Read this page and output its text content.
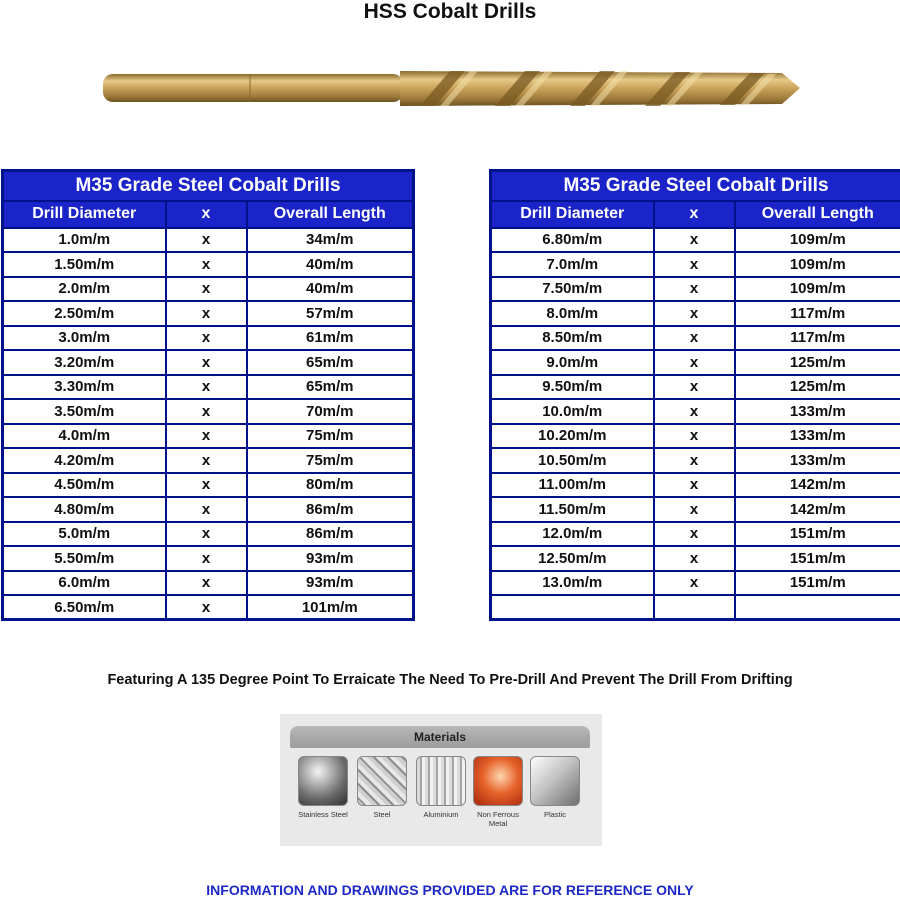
HSS Cobalt Drills
M35 Grade Steel Cobalt Drills		
Drill Diameter	x	Overall Length
1.0m/m	x	34m/m
1.50m/m	x	40m/m
2.0m/m	x	40m/m
2.50m/m	x	57m/m
3.0m/m	x	61m/m
3.20m/m	x	65m/m
3.30m/m	x	65m/m
3.50m/m	x	70m/m
4.0m/m	x	75m/m
4.20m/m	x	75m/m
4.50m/m	x	80m/m
4.80m/m	x	86m/m
5.0m/m	x	86m/m
5.50m/m	x	93m/m
6.0m/m	x	93m/m
6.50m/m	x	101m/m
M35 Grade Steel Cobalt Drills		
Drill Diameter	x	Overall Length
6.80m/m	x	109m/m
7.0m/m	x	109m/m
7.50m/m	x	109m/m
8.0m/m	x	117m/m
8.50m/m	x	117m/m
9.0m/m	x	125m/m
9.50m/m	x	125m/m
10.0m/m	x	133m/m
10.20m/m	x	133m/m
10.50m/m	x	133m/m
11.00m/m	x	142m/m
11.50m/m	x	142m/m
12.0m/m	x	151m/m
12.50m/m	x	151m/m
13.0m/m	x	151m/m

Featuring A 135 Degree Point To Erraicate The Need To Pre-Drill And Prevent The Drill From Drifting
Materials
Stainless Steel	Steel	Aluminium	Non Ferrous Metal
Plastic
INFORMATION AND DRAWINGS PROVIDED ARE FOR REFERENCE ONLY
